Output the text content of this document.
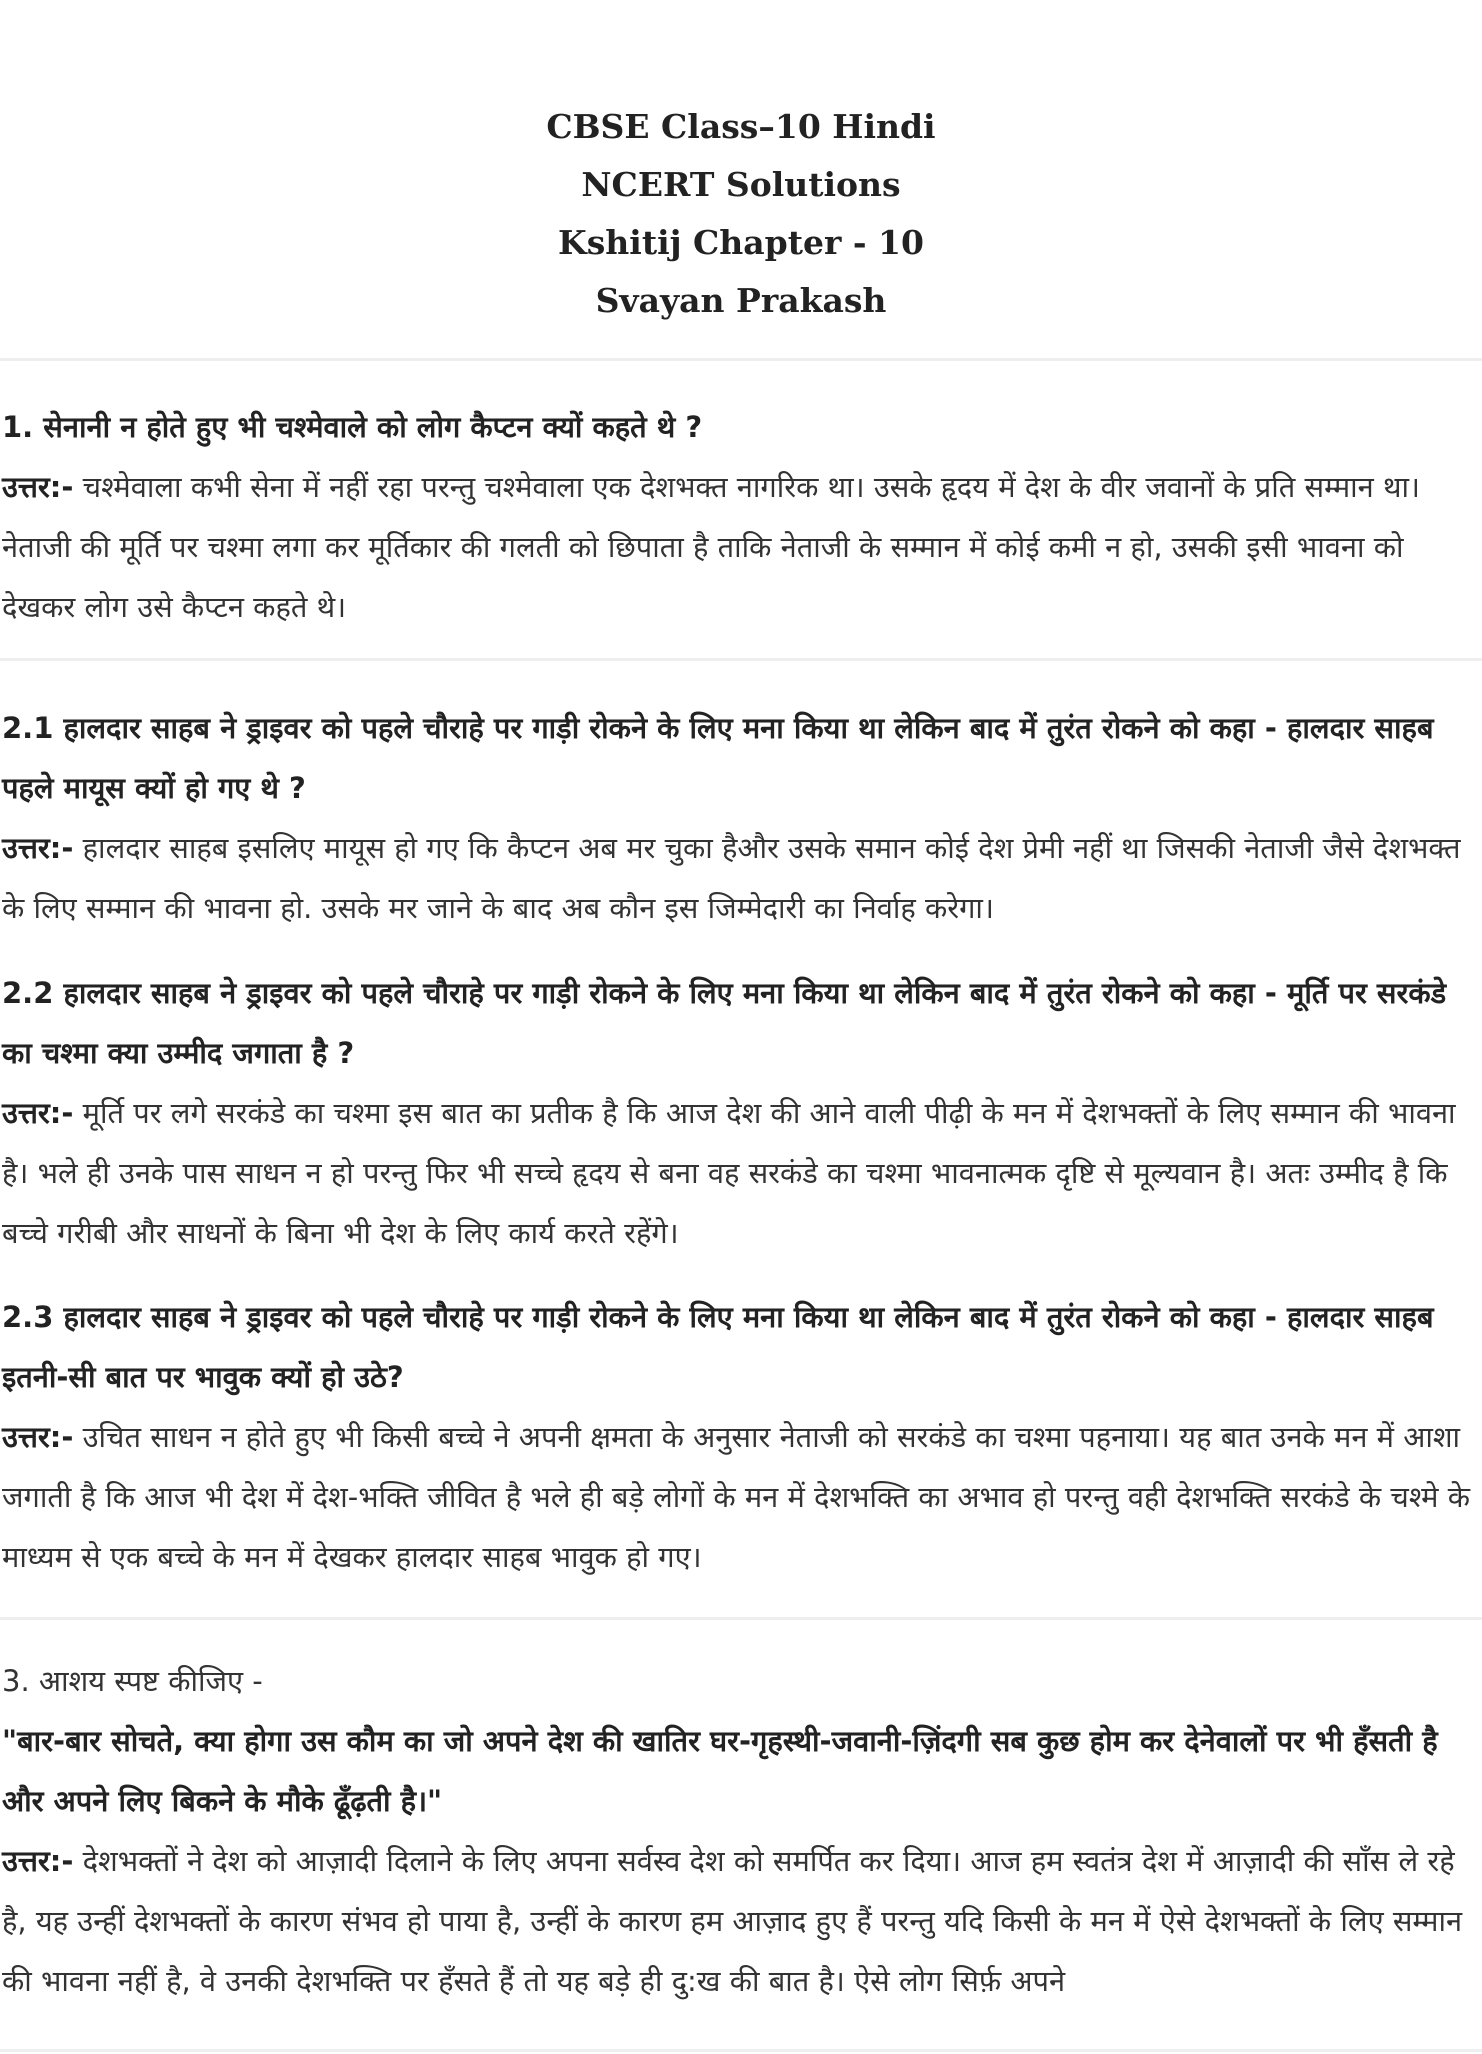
CBSE Class–10 Hindi
NCERT Solutions
Kshitij Chapter - 10
Svayan Prakash

1. सेनानी न होते हुए भी चश्मेवाले को लोग कैप्टन क्यों कहते थे ?

उत्तर:- चश्मेवाला कभी सेना में नहीं रहा परन्तु चश्मेवाला एक देशभक्त नागरिक था। उसके हृदय में देश के वीर जवानों के प्रति सम्मान था। नेताजी की मूर्ति पर चश्मा लगा कर मूर्तिकार की गलती को छिपाता है ताकि नेताजी के सम्मान में कोई कमी न हो, उसकी इसी भावना को देखकर लोग उसे कैप्टन कहते थे।

2.1 हालदार साहब ने ड्राइवर को पहले चौराहे पर गाड़ी रोकने के लिए मना किया था लेकिन बाद में तुरंत रोकने को कहा - हालदार साहब पहले मायूस क्यों हो गए थे ?

उत्तर:- हालदार साहब इसलिए मायूस हो गए कि कैप्टन अब मर चुका हैऔर उसके समान कोई देश प्रेमी नहीं था जिसकी नेताजी जैसे देशभक्त के लिए सम्मान की भावना हो. उसके मर जाने के बाद अब कौन इस जिम्मेदारी का निर्वाह करेगा।

2.2 हालदार साहब ने ड्राइवर को पहले चौराहे पर गाड़ी रोकने के लिए मना किया था लेकिन बाद में तुरंत रोकने को कहा - मूर्ति पर सरकंडे का चश्मा क्या उम्मीद जगाता है ?

उत्तर:- मूर्ति पर लगे सरकंडे का चश्मा इस बात का प्रतीक है कि आज देश की आने वाली पीढ़ी के मन में देशभक्तों के लिए सम्मान की भावना है। भले ही उनके पास साधन न हो परन्तु फिर भी सच्चे हृदय से बना वह सरकंडे का चश्मा भावनात्मक दृष्टि से मूल्यवान है। अतः उम्मीद है कि बच्चे गरीबी और साधनों के बिना भी देश के लिए कार्य करते रहेंगे।

2.3 हालदार साहब ने ड्राइवर को पहले चौराहे पर गाड़ी रोकने के लिए मना किया था लेकिन बाद में तुरंत रोकने को कहा - हालदार साहब इतनी-सी बात पर भावुक क्यों हो उठे?

उत्तर:- उचित साधन न होते हुए भी किसी बच्चे ने अपनी क्षमता के अनुसार नेताजी को सरकंडे का चश्मा पहनाया। यह बात उनके मन में आशा जगाती है कि आज भी देश में देश-भक्ति जीवित है भले ही बड़े लोगों के मन में देशभक्ति का अभाव हो परन्तु वही देशभक्ति सरकंडे के चश्मे के माध्यम से एक बच्चे के मन में देखकर हालदार साहब भावुक हो गए।

3. आशय स्पष्ट कीजिए -

"बार-बार सोचते, क्या होगा उस कौम का जो अपने देश की खातिर घर-गृहस्थी-जवानी-ज़िंदगी सब कुछ होम कर देनेवालों पर भी हँसती है और अपने लिए बिकने के मौके ढूँढ़ती है।"

उत्तर:- देशभक्तों ने देश को आज़ादी दिलाने के लिए अपना सर्वस्व देश को समर्पित कर दिया। आज हम स्वतंत्र देश में आज़ादी की साँस ले रहे है, यह उन्हीं देशभक्तों के कारण संभव हो पाया है, उन्हीं के कारण हम आज़ाद हुए हैं परन्तु यदि किसी के मन में ऐसे देशभक्तों के लिए सम्मान की भावना नहीं है, वे उनकी देशभक्ति पर हँसते हैं तो यह बड़े ही दु:ख की बात है। ऐसे लोग सिर्फ़ अपने
